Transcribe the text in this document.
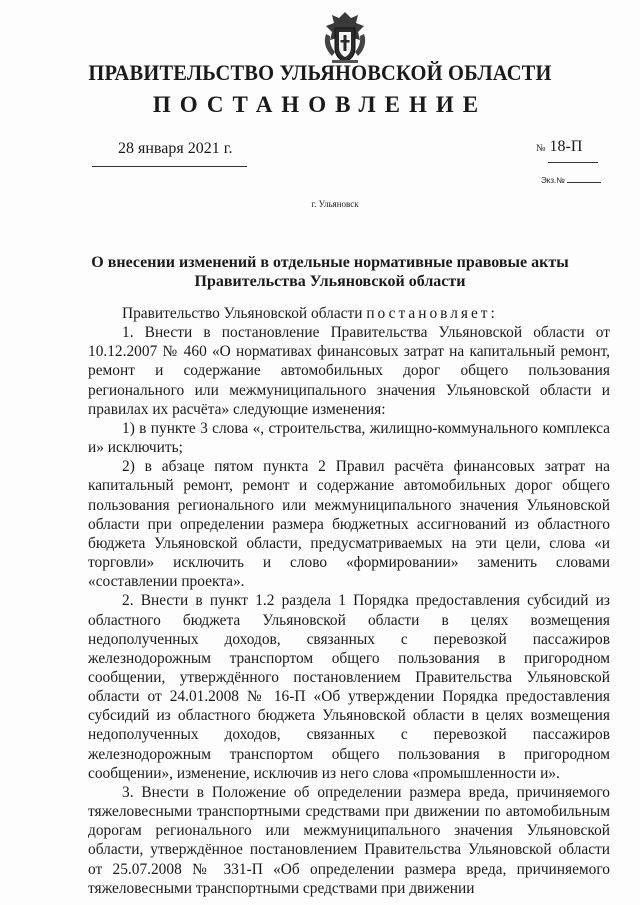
ПРАВИТЕЛЬСТВО УЛЬЯНОВСКОЙ ОБЛАСТИ
ПОСТАНОВЛЕНИЕ
28 января 2021 г.	№ 18-П
Экз.№
г. Ульяновск
О внесении изменений в отдельные нормативные правовые акты Правительства Ульяновской области

Правительство Ульяновской области постановляет:

1. Внести в постановление Правительства Ульяновской области от 10.12.2007 № 460 «О нормативах финансовых затрат на капитальный ремонт, ремонт и содержание автомобильных дорог общего пользования регионального или межмуниципального значения Ульяновской области и правилах их расчёта» следующие изменения:

1) в пункте 3 слова «, строительства, жилищно-коммунального комплекса и» исключить;

2) в абзаце пятом пункта 2 Правил расчёта финансовых затрат на капитальный ремонт, ремонт и содержание автомобильных дорог общего пользования регионального или межмуниципального значения Ульяновской области при определении размера бюджетных ассигнований из областного бюджета Ульяновской области, предусматриваемых на эти цели, слова «и торговли» исключить и слово «формировании» заменить словами «составлении проекта».

2. Внести в пункт 1.2 раздела 1 Порядка предоставления субсидий из областного бюджета Ульяновской области в целях возмещения недополученных доходов, связанных с перевозкой пассажиров железнодорожным транспортом общего пользования в пригородном сообщении, утверждённого постановлением Правительства Ульяновской области от 24.01.2008 № 16-П «Об утверждении Порядка предоставления субсидий из областного бюджета Ульяновской области в целях возмещения недополученных доходов, связанных с перевозкой пассажиров железнодорожным транспортом общего пользования в пригородном сообщении», изменение, исключив из него слова «промышленности и».

3. Внести в Положение об определении размера вреда, причиняемого тяжеловесными транспортными средствами при движении по автомобильным дорогам регионального или межмуниципального значения Ульяновской области, утверждённое постановлением Правительства Ульяновской области от 25.07.2008 № 331-П «Об определении размера вреда, причиняемого тяжеловесными транспортными средствами при движении
